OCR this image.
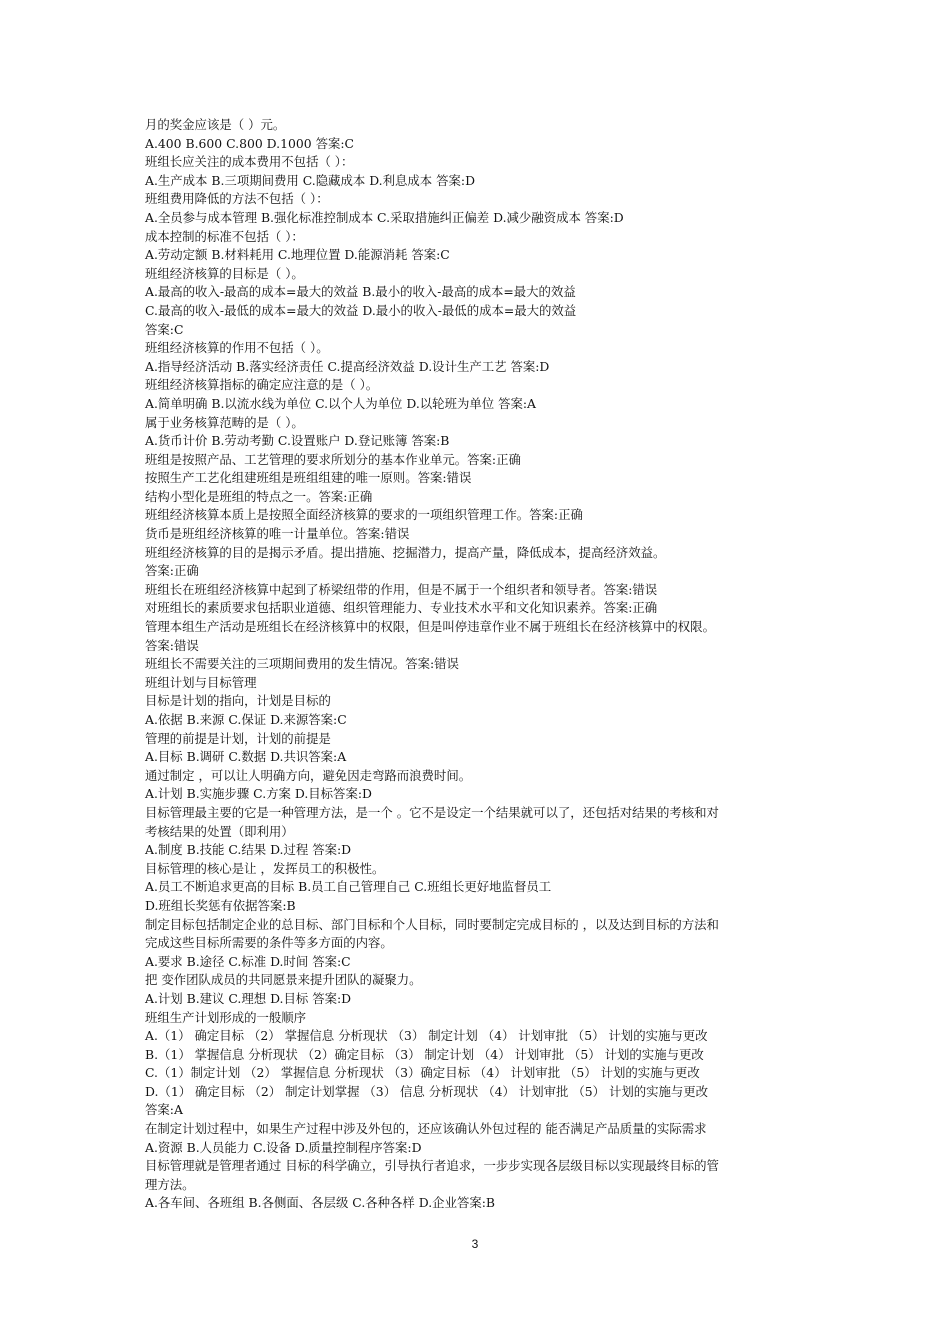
月的奖金应该是（ ）元。
A.400 B.600 C.800 D.1000 答案:C
班组长应关注的成本费用不包括（ ）：
A.生产成本 B.三项期间费用 C.隐藏成本 D.利息成本 答案:D
班组费用降低的方法不包括（ ）：
A.全员参与成本管理 B.强化标准控制成本 C.采取措施纠正偏差 D.减少融资成本 答案:D
成本控制的标准不包括（ ）：
A.劳动定额 B.材料耗用 C.地理位置 D.能源消耗 答案:C
班组经济核算的目标是（ ）。
A.最高的收入-最高的成本=最大的效益 B.最小的收入-最高的成本=最大的效益
C.最高的收入-最低的成本=最大的效益 D.最小的收入-最低的成本=最大的效益
答案:C
班组经济核算的作用不包括（ ）。
A.指导经济活动 B.落实经济责任 C.提高经济效益 D.设计生产工艺 答案:D
班组经济核算指标的确定应注意的是（ ）。
A.简单明确 B.以流水线为单位 C.以个人为单位 D.以轮班为单位 答案:A
属于业务核算范畴的是（ ）。
A.货币计价 B.劳动考勤 C.设置账户 D.登记账簿 答案:B
班组是按照产品、工艺管理的要求所划分的基本作业单元。答案:正确
按照生产工艺化组建班组是班组组建的唯一原则。答案:错误
结构小型化是班组的特点之一。答案:正确
班组经济核算本质上是按照全面经济核算的要求的一项组织管理工作。答案:正确
货币是班组经济核算的唯一计量单位。答案:错误
班组经济核算的目的是揭示矛盾。提出措施、挖掘潜力，提高产量，降低成本，提高经济效益。
答案:正确
班组长在班组经济核算中起到了桥梁纽带的作用，但是不属于一个组织者和领导者。答案:错误
对班组长的素质要求包括职业道德、组织管理能力、专业技术水平和文化知识素养。答案:正确
管理本组生产活动是班组长在经济核算中的权限，但是叫停违章作业不属于班组长在经济核算中的权限。
答案:错误
班组长不需要关注的三项期间费用的发生情况。答案:错误
班组计划与目标管理
目标是计划的指向，计划是目标的
A.依据 B.来源 C.保证 D.来源答案:C
管理的前提是计划，计划的前提是
A.目标 B.调研 C.数据 D.共识答案:A
通过制定 ，可以让人明确方向，避免因走弯路而浪费时间。
A.计划 B.实施步骤 C.方案 D.目标答案:D
目标管理最主要的它是一种管理方法，是一个 。它不是设定一个结果就可以了，还包括对结果的考核和对
考核结果的处置（即利用）
A.制度 B.技能 C.结果 D.过程 答案:D
目标管理的核心是让 ，发挥员工的积极性。
A.员工不断追求更高的目标 B.员工自己管理自己 C.班组长更好地监督员工
D.班组长奖惩有依据答案:B
制定目标包括制定企业的总目标、部门目标和个人目标，同时要制定完成目标的 ，以及达到目标的方法和
完成这些目标所需要的条件等多方面的内容。
A.要求 B.途径 C.标准 D.时间 答案:C
把 变作团队成员的共同愿景来提升团队的凝聚力。
A.计划 B.建议 C.理想 D.目标 答案:D
班组生产计划形成的一般顺序
A.（1） 确定目标 （2） 掌握信息 分析现状 （3） 制定计划 （4） 计划审批 （5） 计划的实施与更改
B.（1） 掌握信息 分析现状 （2）确定目标 （3） 制定计划 （4） 计划审批 （5） 计划的实施与更改
C.（1）制定计划 （2） 掌握信息 分析现状 （3）确定目标 （4） 计划审批 （5） 计划的实施与更改
D.（1） 确定目标 （2） 制定计划掌握 （3） 信息 分析现状 （4） 计划审批 （5） 计划的实施与更改
答案:A
在制定计划过程中，如果生产过程中涉及外包的，还应该确认外包过程的 能否满足产品质量的实际需求
A.资源 B.人员能力 C.设备 D.质量控制程序答案:D
目标管理就是管理者通过 目标的科学确立，引导执行者追求，一步步实现各层级目标以实现最终目标的管
理方法。
A.各车间、各班组 B.各侧面、各层级 C.各种各样 D.企业答案:B
3
